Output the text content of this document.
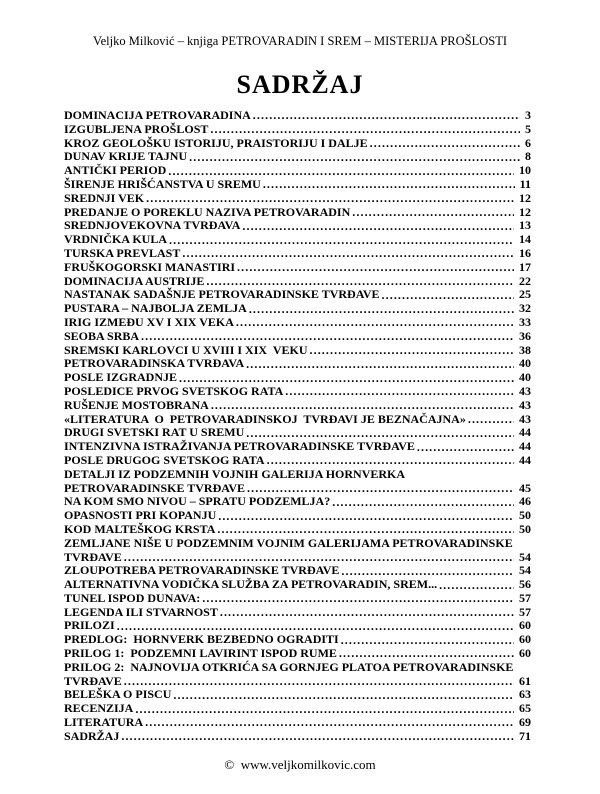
Veljko Milković – knjiga PETROVARADIN I SREM – MISTERIJA PROŠLOSTI
SADRŽAJ
DOMINACIJA PETROVARADINA .....	3
IZGUBLJENA PROŠLOST .....	5
KROZ GEOLOŠKU ISTORIJU, PRAISTORIJU I DALJE .....	6
DUNAV KRIJE TAJNU .....	8
ANTIČKI PERIOD .....	10
ŠIRENJE HRIŠĆANSTVA U SREMU .....	11
SREDNJI VEK .....	12
PREDANJE O POREKLU NAZIVA PETROVARADIN .....	12
SREDNJOVEKOVNA TVRĐAVA .....	13
VRDNIČKA KULA .....	14
TURSKA PREVLAST .....	16
FRUŠKOGORSKI MANASTIRI .....	17
DOMINACIJA AUSTRIJE .....	22
NASTANAK SADAŠNJE PETROVARADINSKE TVRĐAVE .....	25
PUSTARA – NAJBOLJA ZEMLJA .....	32
IRIG IZMEĐU XV I XIX VEKA .....	33
SEOBA SRBA .....	36
SREMSKI KARLOVCI U XVIII I XIX  VEKU .....	38
PETROVARADINSKA TVRĐAVA .....	40
POSLE IZGRADNJE .....	40
POSLEDICE PRVOG SVETSKOG RATA .....	43
RUŠENJE MOSTOBRANA .....	43
«LITERATURA  O  PETROVARADINSKOJ  TVRĐAVI JE BEZNAČAJNA» .....	43
DRUGI SVETSKI RAT U SREMU .....	44
INTENZIVNA ISTRAŽIVANJA PETROVARADINSKE TVRĐAVE .....	44
POSLE DRUGOG SVETSKOG RATA .....	44
DETALJI IZ PODZEMNIH VOJNIH GALERIJA HORNVERKA
PETROVARADINSKE TVRĐAVE .....	45
NA KOM SMO NIVOU – SPRATU PODZEMLJA? .....	46
OPASNOSTI PRI KOPANJU .....	50
KOD MALTEŠKOG KRSTA .....	50
ZEMLJANE NIŠE U PODZEMNIM VOJNIM GALERIJAMA PETROVARADINSKE
TVRĐAVE .....	54
ZLOUPOTREBA PETROVARADINSKE TVRĐAVE .....	54
ALTERNATIVNA VODIČKA SLUŽBA ZA PETROVARADIN, SREM... .....	56
TUNEL ISPOD DUNAVA: .....	57
LEGENDA ILI STVARNOST .....	57
PRILOZI .....	60
PREDLOG:  HORNVERK BEZBEDNO OGRADITI .....	60
PRILOG 1:  PODZEMNI LAVIRINT ISPOD RUME .....	60
PRILOG 2:  NAJNOVIJA OTKRIĆA SA GORNJEG PLATOA PETROVARADINSKE
TVRĐAVE .....	61
BELEŠKA O PISCU .....	63
RECENZIJA .....	65
LITERATURA .....	69
SADRŽAJ .....	71
©  www.veljkomilkovic.com
